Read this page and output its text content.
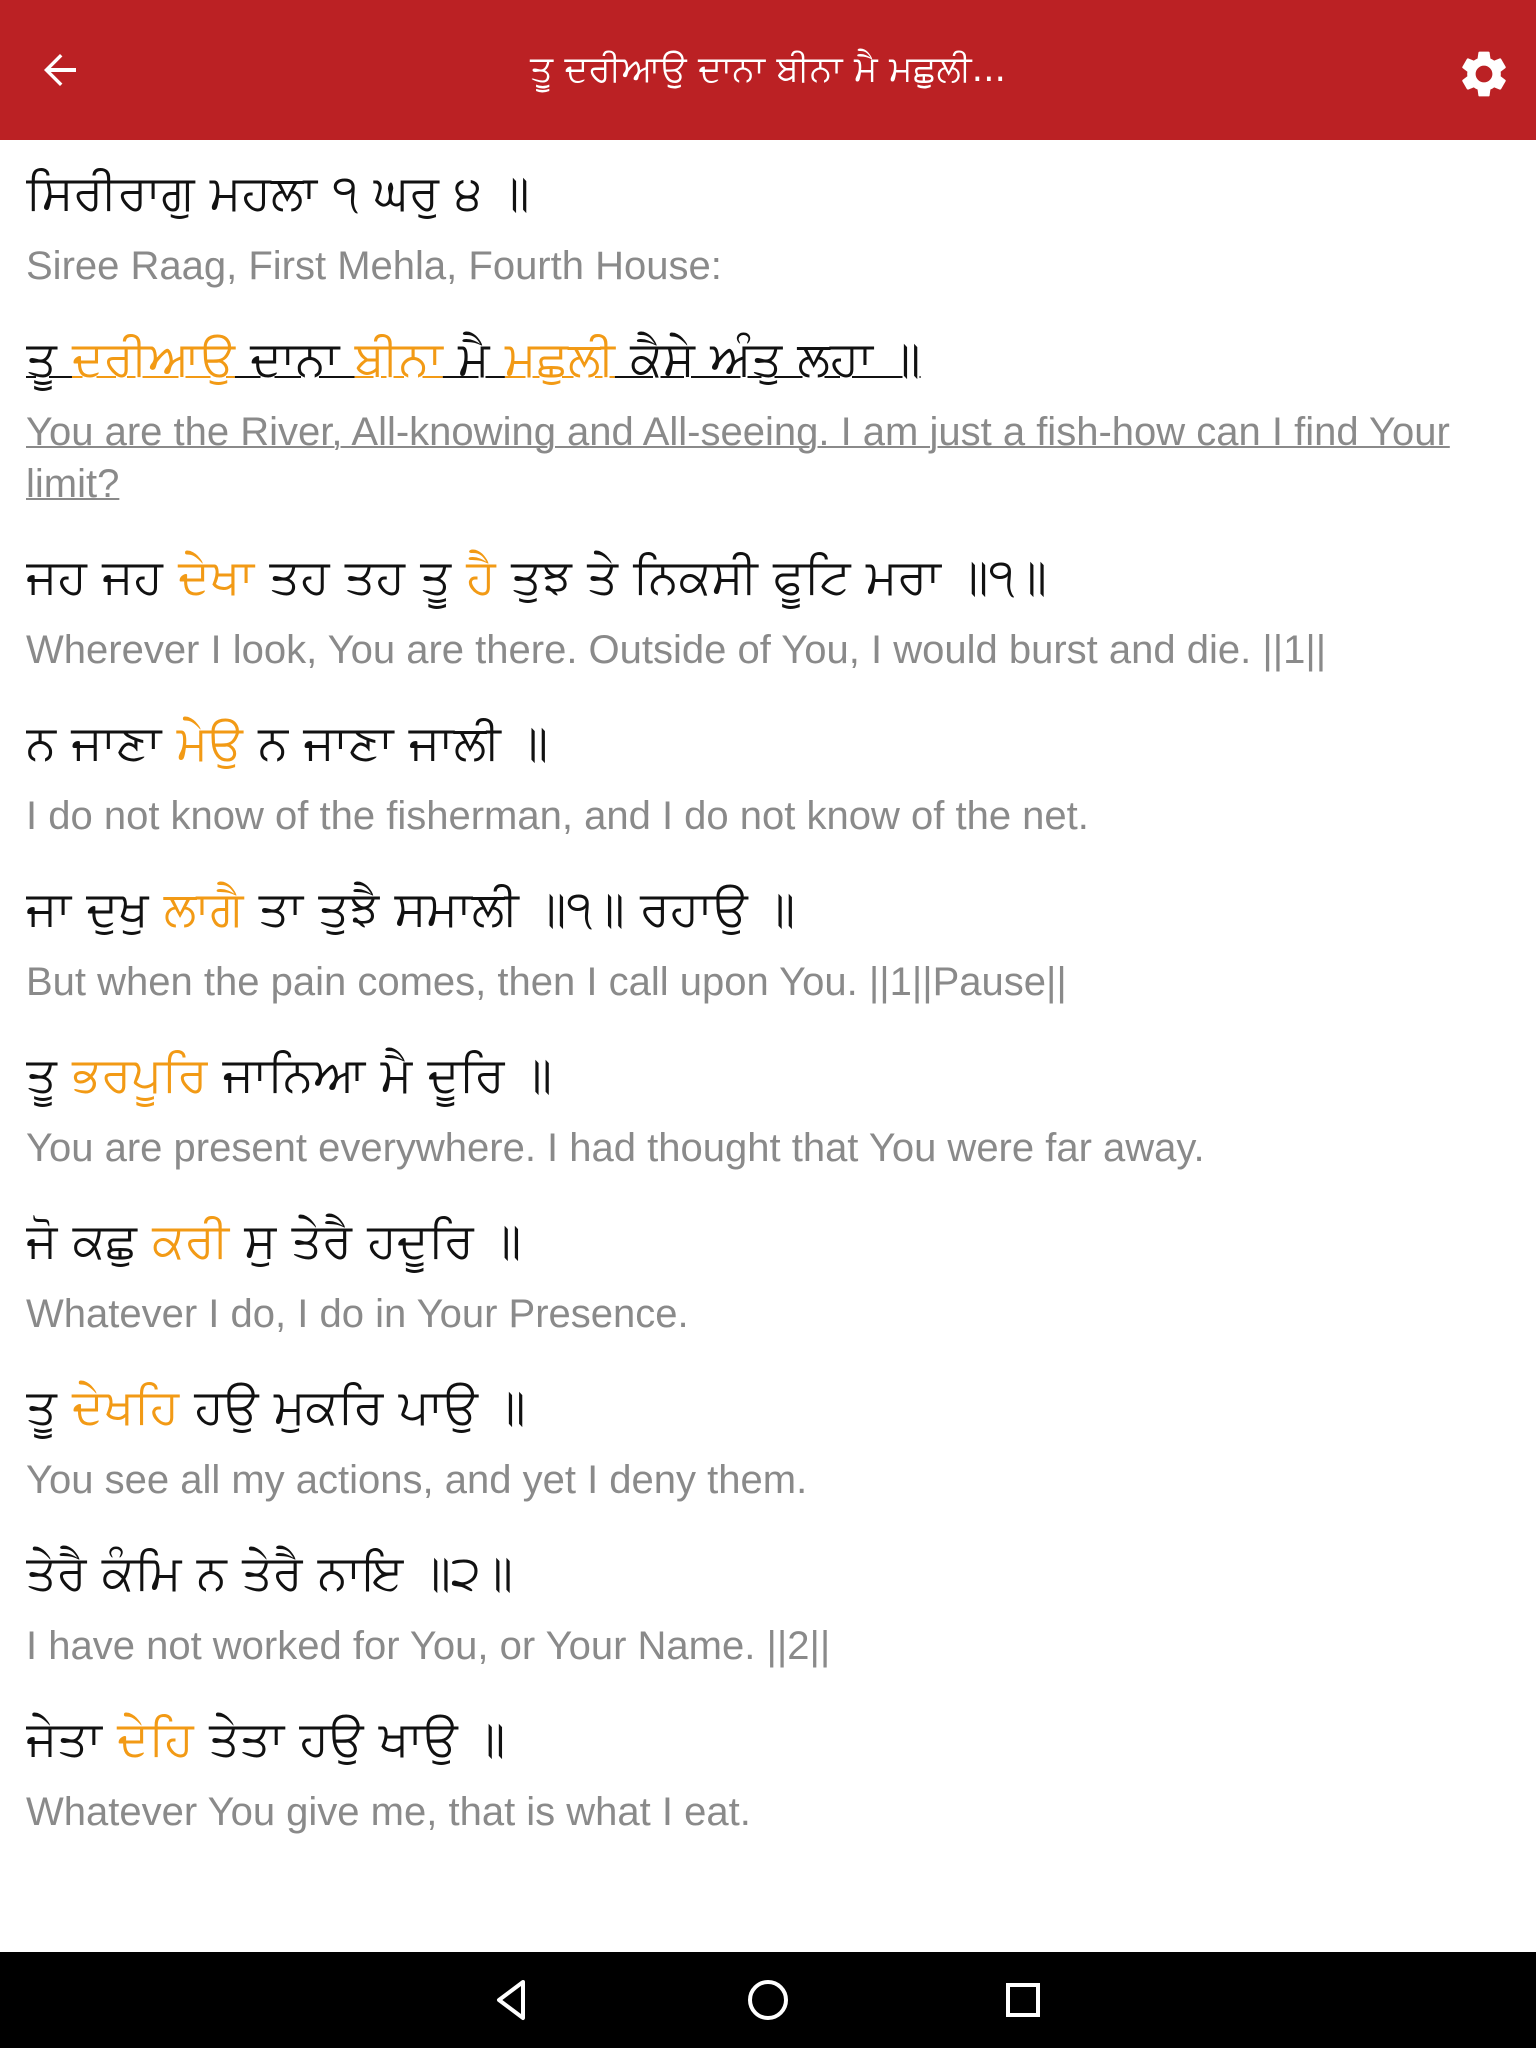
ਤੂ ਦਰੀਆਉ ਦਾਨਾ ਬੀਨਾ ਮੈ ਮਛੁਲੀ...
ਸਿਰੀਰਾਗੁ ਮਹਲਾ ੧ ਘਰੁ ੪ ॥
Siree Raag, First Mehla, Fourth House:
ਤੂ ਦਰੀਆਉ ਦਾਨਾ ਬੀਨਾ ਮੈ ਮਛੁਲੀ ਕੈਸੇ ਅੰਤੁ ਲਹਾ ॥
You are the River, All-knowing and All-seeing. I am just a fish-how can I find Your limit?
ਜਹ ਜਹ ਦੇਖਾ ਤਹ ਤਹ ਤੂ ਹੈ ਤੁਝ ਤੇ ਨਿਕਸੀ ਫੂਟਿ ਮਰਾ ॥੧॥
Wherever I look, You are there. Outside of You, I would burst and die. ||1||
ਨ ਜਾਣਾ ਮੇਉ ਨ ਜਾਣਾ ਜਾਲੀ ॥
I do not know of the fisherman, and I do not know of the net.
ਜਾ ਦੁਖੁ ਲਾਗੈ ਤਾ ਤੁਝੈ ਸਮਾਲੀ ॥੧॥ ਰਹਾਉ ॥
But when the pain comes, then I call upon You. ||1||Pause||
ਤੂ ਭਰਪੂਰਿ ਜਾਨਿਆ ਮੈ ਦੂਰਿ ॥
You are present everywhere. I had thought that You were far away.
ਜੋ ਕਛੁ ਕਰੀ ਸੁ ਤੇਰੈ ਹਦੂਰਿ ॥
Whatever I do, I do in Your Presence.
ਤੂ ਦੇਖਹਿ ਹਉ ਮੁਕਰਿ ਪਾਉ ॥
You see all my actions, and yet I deny them.
ਤੇਰੈ ਕੰਮਿ ਨ ਤੇਰੈ ਨਾਇ ॥੨॥
I have not worked for You, or Your Name. ||2||
ਜੇਤਾ ਦੇਹਿ ਤੇਤਾ ਹਉ ਖਾਉ ॥
Whatever You give me, that is what I eat.
